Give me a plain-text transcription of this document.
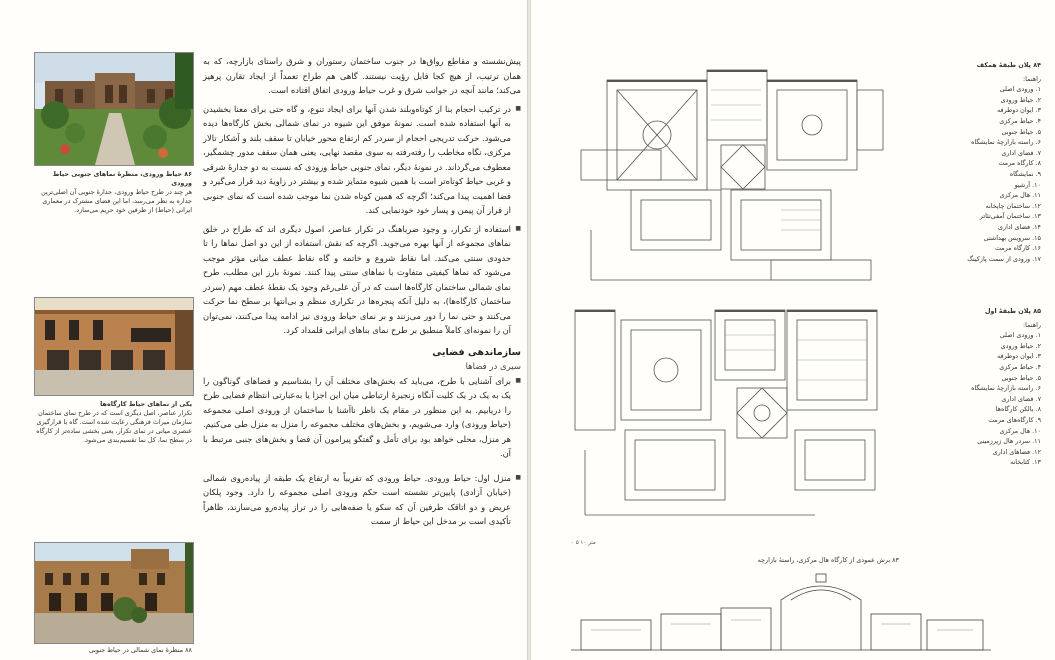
۸۶ حیاط ورودی، منظرۀ نماهای جنوبی حیاط ورودی
هر چند در طرح حیاط ورودی، جدارۀ جنوبی آن اصلی‌ترین جداره به نظر می‌رسد، اما این فضای مشترک در معماری ایرانی (حیاط) از طرفین خود حریم می‌سازد.
یکی از نماهای حیاط کارگاه‌ها
تکرار عناصر، اصل دیگری است که در طرح نمای ساختمان سازمان میراث فرهنگی رعایت شده است. گاه با قرارگیری عنصری میانی در نمای تکرار، یعنی بخشی ساده‌تر از کارگاه در سطح نما، کل نما تقسیم‌بندی می‌شود.
۸۸ منظرۀ نمای شمالی در حیاط جنوبی

پیش‌نشسته و مقاطع رواق‌ها در جنوب ساختمان رستوران و شرق راستای بازارچه، که به همان ترتیب، از هیچ کجا قابل رؤیت نیستند. گاهی هم طراح تعمداً از ایجاد تقارن پرهیز می‌کند؛ مانند آنچه در جوانب شرق و غرب حیاط ورودی اتفاق افتاده است.

■ در ترکیب احجام بنا از کوتاه‌وبلند شدن آنها برای ایجاد تنوع، و گاه حتی برای معنا بخشیدن به آنها استفاده شده است. نمونۀ موفق این شیوه در نمای شمالی بخش کارگاه‌ها دیده می‌شود. حرکت تدریجی احجام از سردر کم ارتفاع محور خیابان تا سقف بلند و آشکار تالار مرکزی، نگاه مخاطب را رفته‌رفته به سوی مقصد نهایی، یعنی همان سقف مدور چشمگیر، معطوف می‌گرداند. در نمونۀ دیگر، نمای جنوبی حیاط ورودی که نسبت به دو جدارۀ شرقی و غربی حیاط کوتاه‌تر است با همین شیوه متمایز شده و بیشتر در زاویۀ دید قرار می‌گیرد و فضا اهمیت پیدا می‌کند؛ اگرچه که همین کوتاه شدن نما موجب شده است که نمای جنوبی از فراز آن پیمن و پسار خود خودنمایی کند.

■ استفاده از تکرار، و وجود ضرباهنگ در تکرار عناصر، اصول دیگری اند که طراح در خلق نماهای مجموعه از آنها بهره می‌جوید. اگرچه که نقش استفاده از این دو اصل نماها را تا حدودی سنتی می‌کند. اما نقاط شروع و خاتمه و گاه نقاط عطف میانی مؤثر موجب می‌شود که نماها کیفیتی متفاوت با نماهای سنتی پیدا کنند. نمونۀ بارز این مطلب، طرح نمای شمالی ساختمان کارگاه‌ها است که در آن علی‌رغم وجود یک نقطۀ عطف مهم (سردر ساختمان کارگاه‌ها)، به دلیل آنکه پنجره‌ها در تکراری منظم و بی‌انتها بر سطح نما حرکت می‌کنند و حتی نما را دور می‌زنند و بر نمای حیاط ورودی نیز ادامه پیدا می‌کنند، نمی‌توان آن را نمونه‌ای کاملاً منطبق بر طرح نمای بناهای ایرانی قلمداد کرد.

سازماندهی فضایی
سیری در فضاها

■ برای آشنایی با طرح، می‌باید که بخش‌های مختلف آن را بشناسیم و فضاهای گوناگون را یک به یک در یک کلیت آنگاه زنجیرۀ ارتباطی میان این اجزا یا به‌عبارتی انتظام فضایی طرح را دریابیم. به این منظور در مقام یک ناظر نا‌آشنا با ساختمان از ورودی اصلی مجموعه (حیاط ورودی) وارد می‌شویم، و بخش‌های مختلف مجموعه را منزل به منزل طی می‌کنیم. هر منزل، محلی خواهد بود برای تأمل و گفتگو پیرامون آن فضا و بخش‌های جنبی مرتبط با آن.

■ منزل اول: حیاط ورودی. حیاط ورودی که تقریباً به ارتفاع یک طبقه از پیاده‌روی شمالی (خیابان آزادی) پایین‌تر نشسته است حکم ورودی اصلی مجموعه را دارد. وجود پلکان عریض و دو اتاقک طرفین آن که سکو یا صفه‌هایی را در تراز پیاده‌رو می‌سازند، ظاهراً تأکیدی است بر مدخل این حیاط از سمت

۰ ۵ ۱۰ متر
۸۳ برش عمودی از کارگاه هال مرکزی، راستۀ بازارچه
۸۴ پلان طبقۀ همکف
راهنما:
۱. ورودی اصلی
۲. حیاط ورودی
۳. ایوان دوطرفه
۴. حیاط مرکزی
۵. حیاط جنوبی
۶. راسته بازارچۀ نمایشگاه
۷. فضای اداری
۸. کارگاه مرمت
۹. نمایشگاه
۱۰. آرشیو
۱۱. هال مرکزی
۱۲. ساختمان چاپخانه
۱۳. ساختمان آمفی‌تئاتر
۱۴. فضای اداری
۱۵. سرویس بهداشتی
۱۶. کارگاه مرمت
۱۷. ورودی از سمت پارکینگ
۸۵ پلان طبقۀ اول
راهنما:
۱. ورودی اصلی
۲. حیاط ورودی
۳. ایوان دوطرفه
۴. حیاط مرکزی
۵. حیاط جنوبی
۶. راسته بازارچۀ نمایشگاه
۷. فضای اداری
۸. بالکن کارگاه‌ها
۹. کارگاه‌های مرمت
۱۰. هال مرکزی
۱۱. سردر هال زیرزمینی
۱۲. فضاهای اداری
۱۳. کتابخانه
